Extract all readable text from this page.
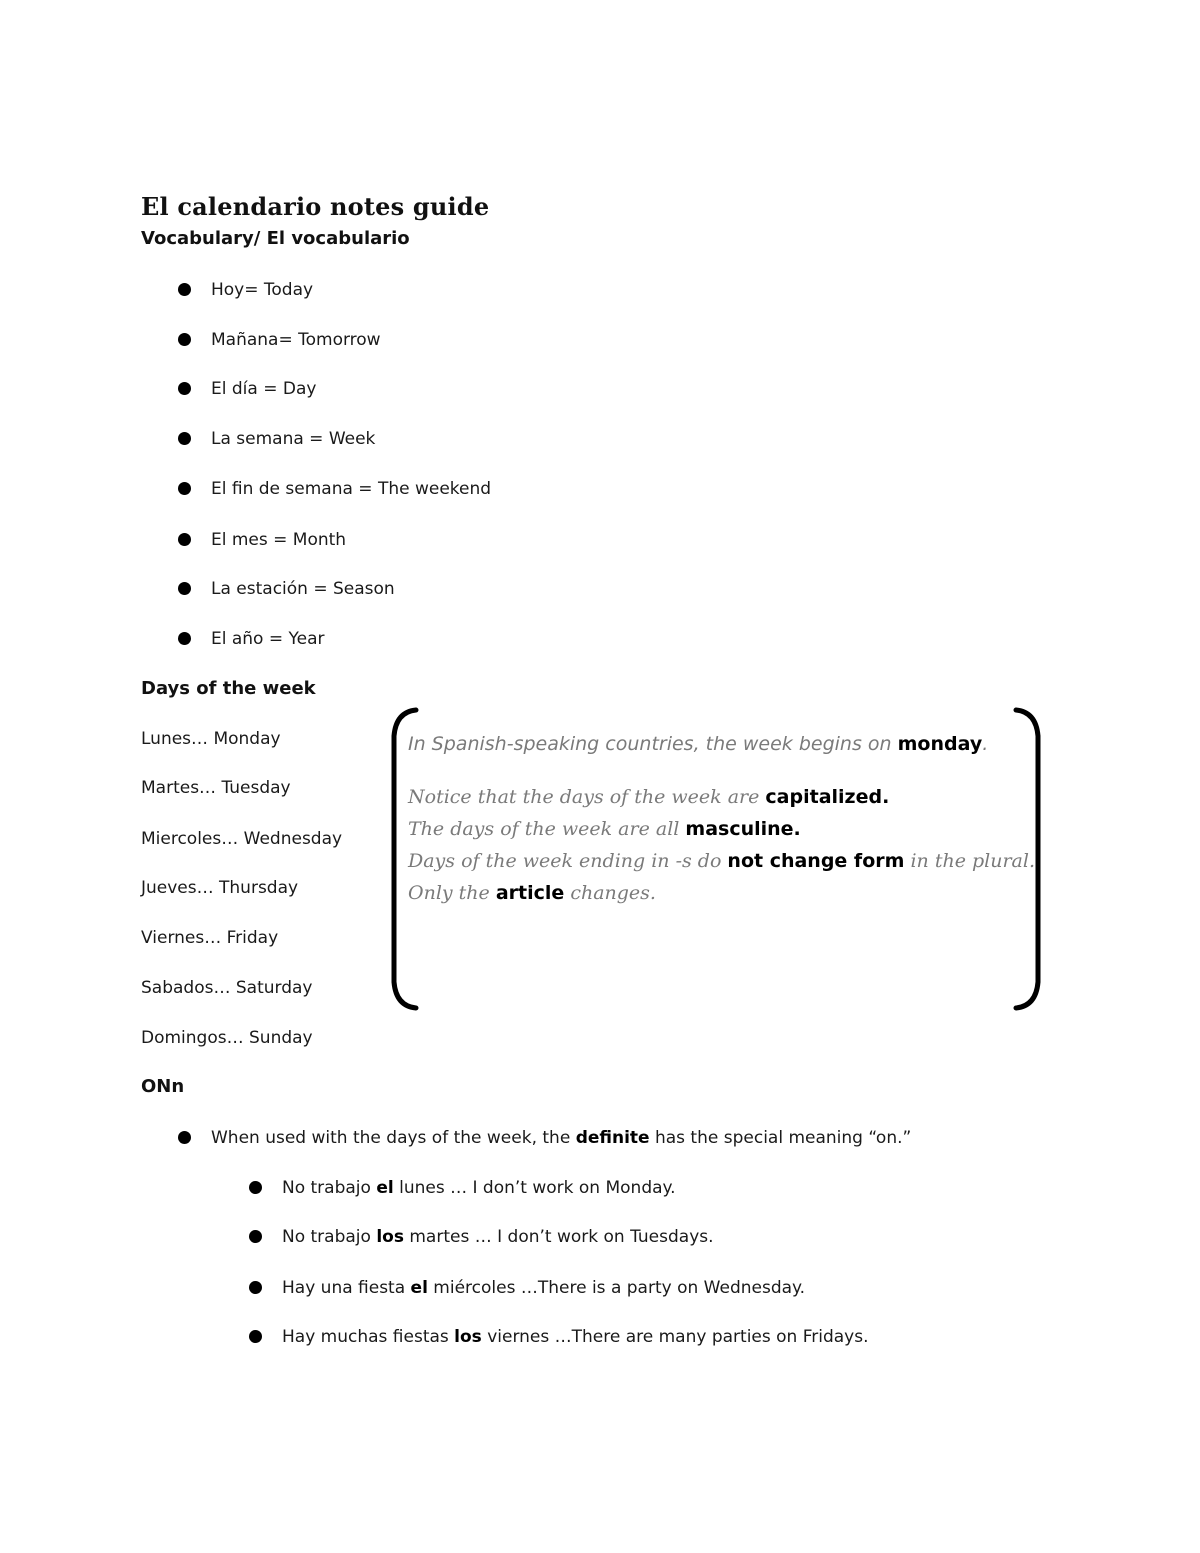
El calendario notes guide
Vocabulary/ El vocabulario
Hoy= Today
Mañana= Tomorrow
El día = Day
La semana = Week
El fin de semana = The weekend
El mes = Month
La estación = Season
El año = Year
Days of the week
Lunes… Monday
Martes… Tuesday
Miercoles… Wednesday
Jueves… Thursday
Viernes… Friday
Sabados… Saturday
Domingos… Sunday
In Spanish-speaking countries, the week begins on monday.
Notice that the days of the week are capitalized.
The days of the week are all masculine.
Days of the week ending in -s do not change form in the plural.
Only the article changes.
ONn
When used with the days of the week, the definite has the special meaning “on.”
No trabajo el lunes … I don’t work on Monday.
No trabajo los martes … I don’t work on Tuesdays.
Hay una fiesta el miércoles …There is a party on Wednesday.
Hay muchas fiestas los viernes …There are many parties on Fridays.
